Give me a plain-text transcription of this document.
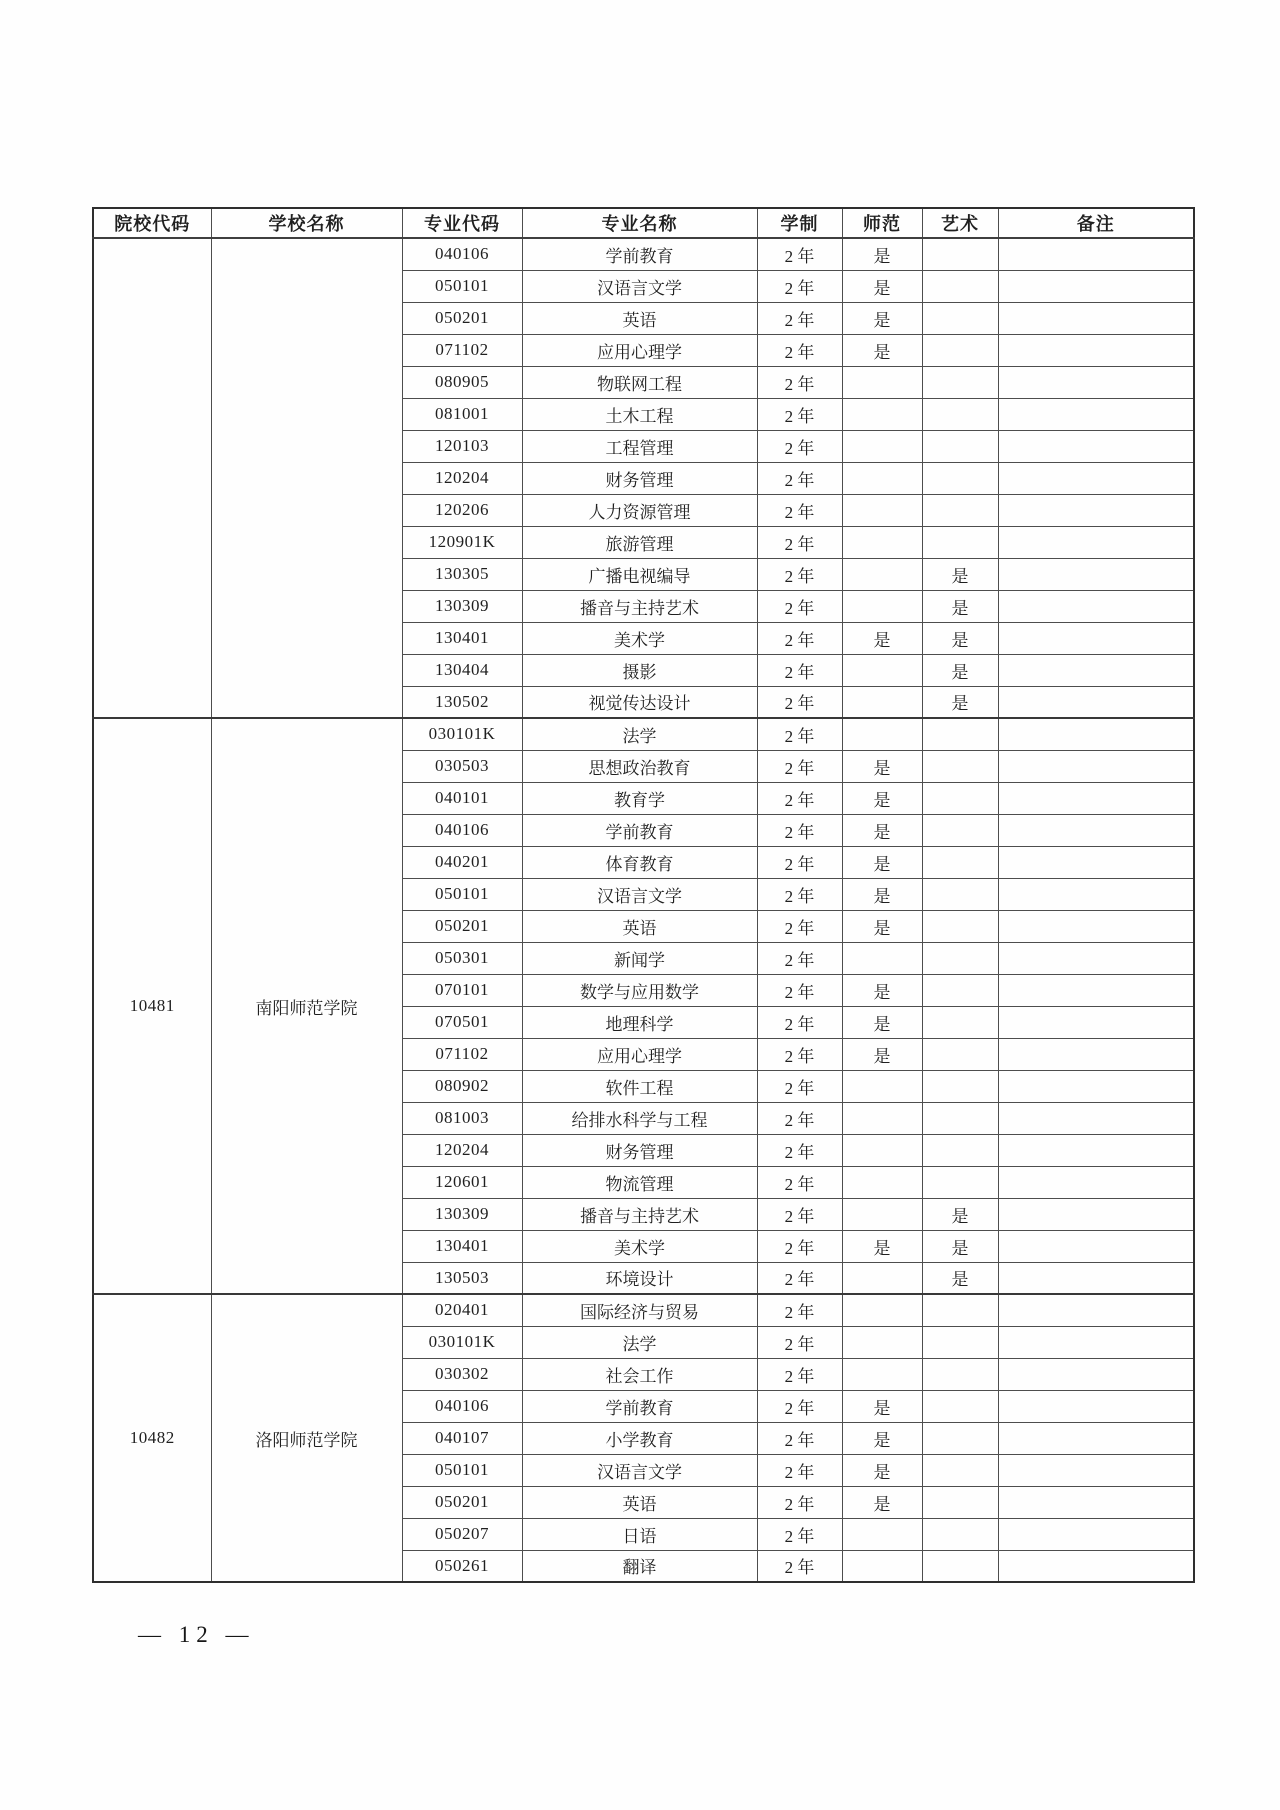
院校代码	学校名称	专业代码	专业名称	学制	师范	艺术	备注
		040106	学前教育	2 年	是		
		050101	汉语言文学	2 年	是		
		050201	英语	2 年	是		
		071102	应用心理学	2 年	是		
		080905	物联网工程	2 年			
		081001	土木工程	2 年			
		120103	工程管理	2 年			
		120204	财务管理	2 年			
		120206	人力资源管理	2 年			
		120901K	旅游管理	2 年			
		130305	广播电视编导	2 年		是	
		130309	播音与主持艺术	2 年		是	
		130401	美术学	2 年	是	是	
		130404	摄影	2 年		是	
		130502	视觉传达设计	2 年		是	
10481	南阳师范学院	030101K	法学	2 年			
		030503	思想政治教育	2 年	是		
		040101	教育学	2 年	是		
		040106	学前教育	2 年	是		
		040201	体育教育	2 年	是		
		050101	汉语言文学	2 年	是		
		050201	英语	2 年	是		
		050301	新闻学	2 年			
		070101	数学与应用数学	2 年	是		
		070501	地理科学	2 年	是		
		071102	应用心理学	2 年	是		
		080902	软件工程	2 年			
		081003	给排水科学与工程	2 年			
		120204	财务管理	2 年			
		120601	物流管理	2 年			
		130309	播音与主持艺术	2 年		是	
		130401	美术学	2 年	是	是	
		130503	环境设计	2 年		是	
10482	洛阳师范学院	020401	国际经济与贸易	2 年			
		030101K	法学	2 年			
		030302	社会工作	2 年			
		040106	学前教育	2 年	是		
		040107	小学教育	2 年	是		
		050101	汉语言文学	2 年	是		
		050201	英语	2 年	是		
		050207	日语	2 年			
		050261	翻译	2 年			
— 12 —
